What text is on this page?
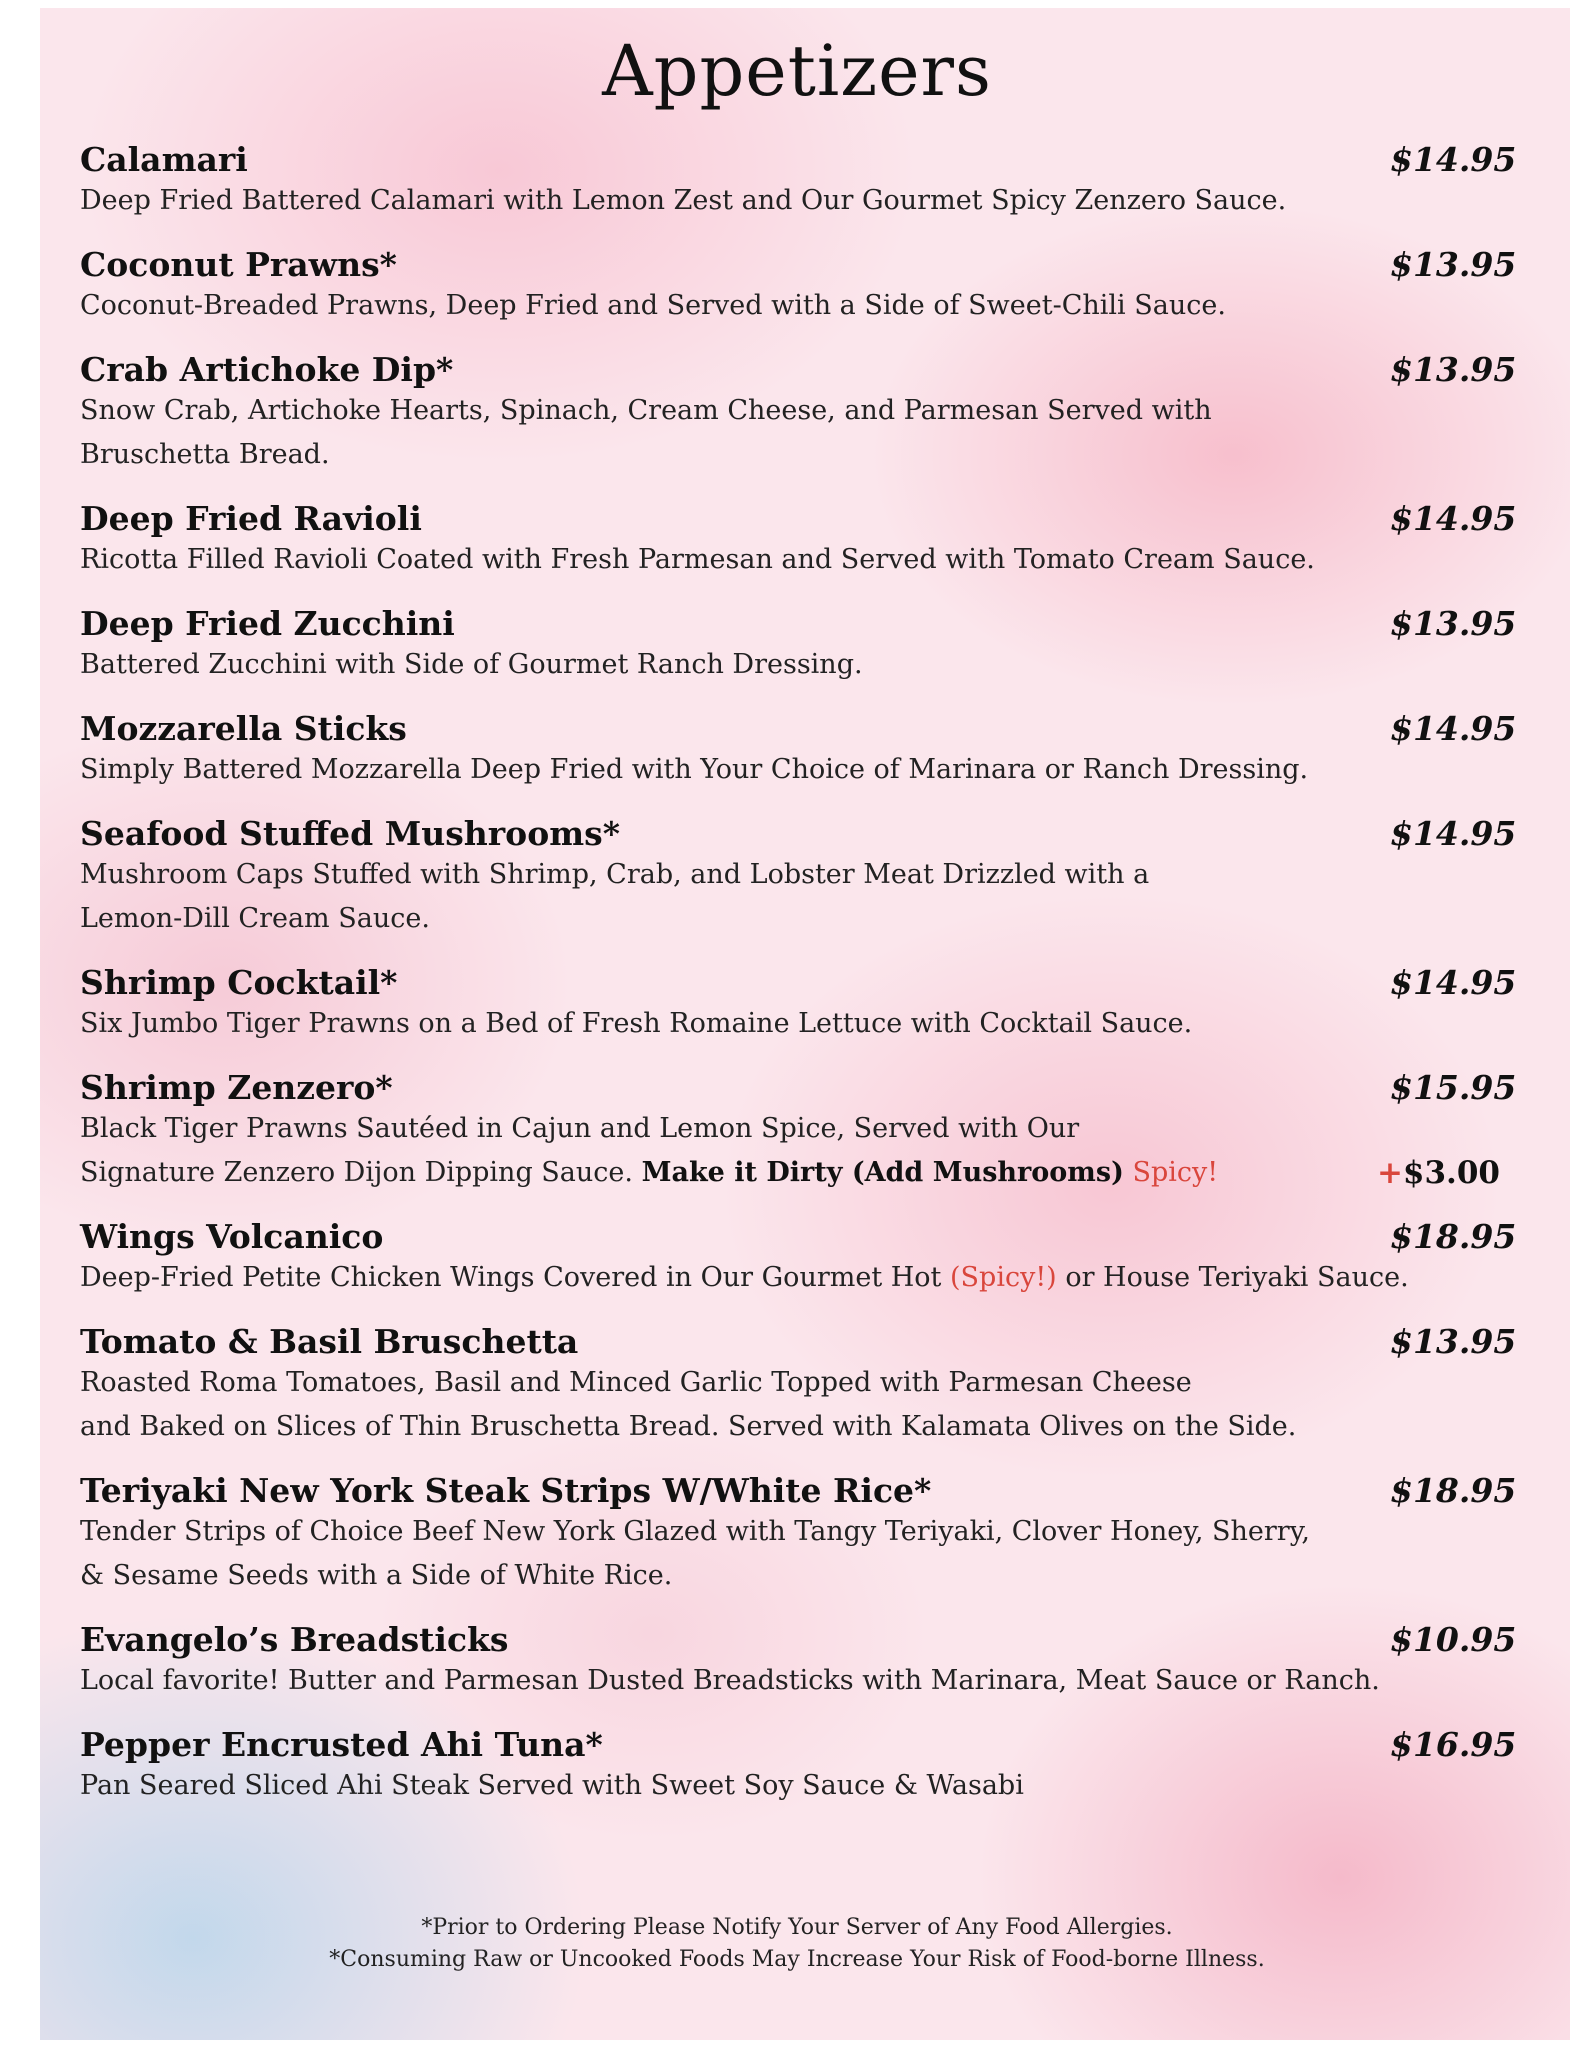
Appetizers
Calamari	$14.95
Deep Fried Battered Calamari with Lemon Zest and Our Gourmet Spicy Zenzero Sauce.
Coconut Prawns*	$13.95
Coconut-Breaded Prawns, Deep Fried and Served with a Side of Sweet-Chili Sauce.
Crab Artichoke Dip*	$13.95
Snow Crab, Artichoke Hearts, Spinach, Cream Cheese, and Parmesan Served with
Bruschetta Bread.
Deep Fried Ravioli	$14.95
Ricotta Filled Ravioli Coated with Fresh Parmesan and Served with Tomato Cream Sauce.
Deep Fried Zucchini	$13.95
Battered Zucchini with Side of Gourmet Ranch Dressing.
Mozzarella Sticks	$14.95
Simply Battered Mozzarella Deep Fried with Your Choice of Marinara or Ranch Dressing.
Seafood Stuffed Mushrooms*	$14.95
Mushroom Caps Stuffed with Shrimp, Crab, and Lobster Meat Drizzled with a
Lemon-Dill Cream Sauce.
Shrimp Cocktail*	$14.95
Six Jumbo Tiger Prawns on a Bed of Fresh Romaine Lettuce with Cocktail Sauce.
Shrimp Zenzero*	$15.95
Black Tiger Prawns Sautéed in Cajun and Lemon Spice, Served with Our
Signature Zenzero Dijon Dipping Sauce. Make it Dirty (Add Mushrooms) Spicy!	+$3.00
Wings Volcanico	$18.95
Deep-Fried Petite Chicken Wings Covered in Our Gourmet Hot (Spicy!) or House Teriyaki Sauce.
Tomato & Basil Bruschetta	$13.95
Roasted Roma Tomatoes, Basil and Minced Garlic Topped with Parmesan Cheese
and Baked on Slices of Thin Bruschetta Bread. Served with Kalamata Olives on the Side.
Teriyaki New York Steak Strips W/White Rice*	$18.95
Tender Strips of Choice Beef New York Glazed with Tangy Teriyaki, Clover Honey, Sherry,
& Sesame Seeds with a Side of White Rice.
Evangelo’s Breadsticks	$10.95
Local favorite! Butter and Parmesan Dusted Breadsticks with Marinara, Meat Sauce or Ranch.
Pepper Encrusted Ahi Tuna*	$16.95
Pan Seared Sliced Ahi Steak Served with Sweet Soy Sauce & Wasabi
*Prior to Ordering Please Notify Your Server of Any Food Allergies.
*Consuming Raw or Uncooked Foods May Increase Your Risk of Food-borne Illness.
